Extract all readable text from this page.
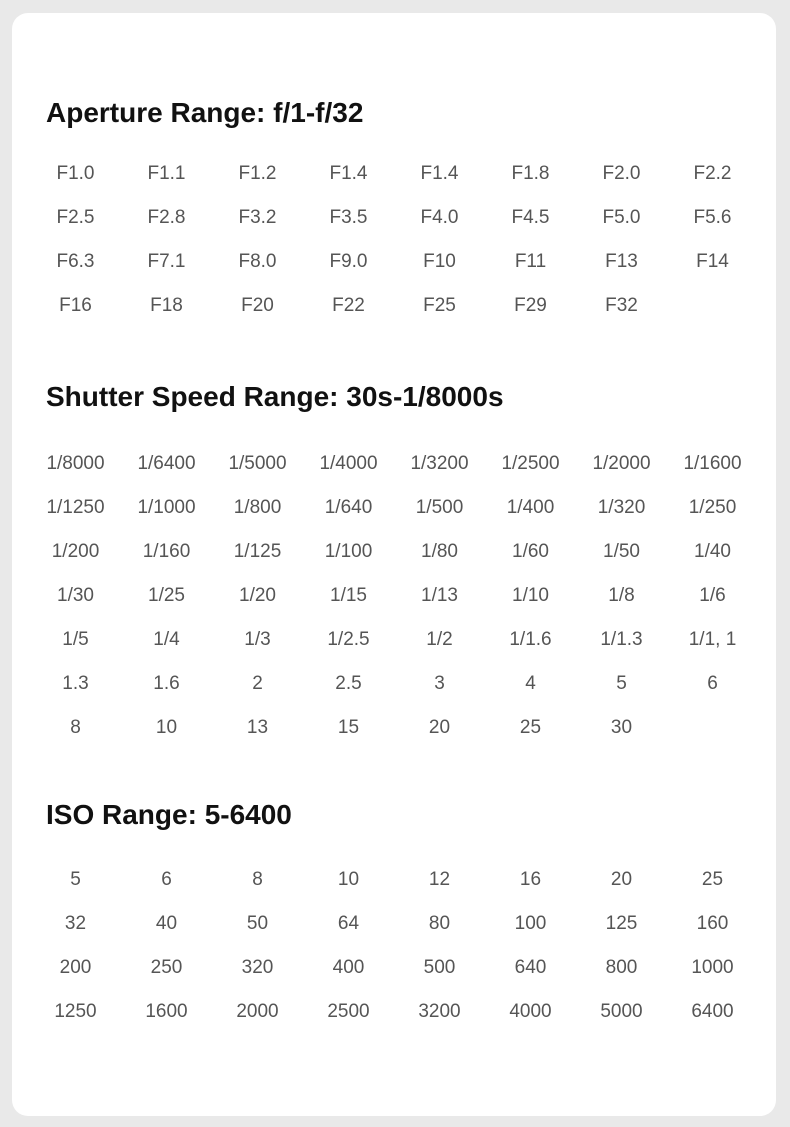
Aperture Range: f/1-f/32
F1.0	F1.1	F1.2	F1.4	F1.4	F1.8	F2.0	F2.2
F2.5	F2.8	F3.2	F3.5	F4.0	F4.5	F5.0	F5.6
F6.3	F7.1	F8.0	F9.0	F10	F11	F13	F14
F16	F18	F20	F22	F25	F29	F32
Shutter Speed Range: 30s-1/8000s
1/8000	1/6400	1/5000	1/4000	1/3200	1/2500	1/2000	1/1600
1/1250	1/1000	1/800	1/640	1/500	1/400	1/320	1/250
1/200	1/160	1/125	1/100	1/80	1/60	1/50	1/40
1/30	1/25	1/20	1/15	1/13	1/10	1/8	1/6
1/5	1/4	1/3	1/2.5	1/2	1/1.6	1/1.3	1/1, 1
1.3	1.6	2	2.5	3	4	5	6
8	10	13	15	20	25	30
ISO Range: 5-6400
5	6	8	10	12	16	20	25
32	40	50	64	80	100	125	160
200	250	320	400	500	640	800	1000
1250	1600	2000	2500	3200	4000	5000	6400
